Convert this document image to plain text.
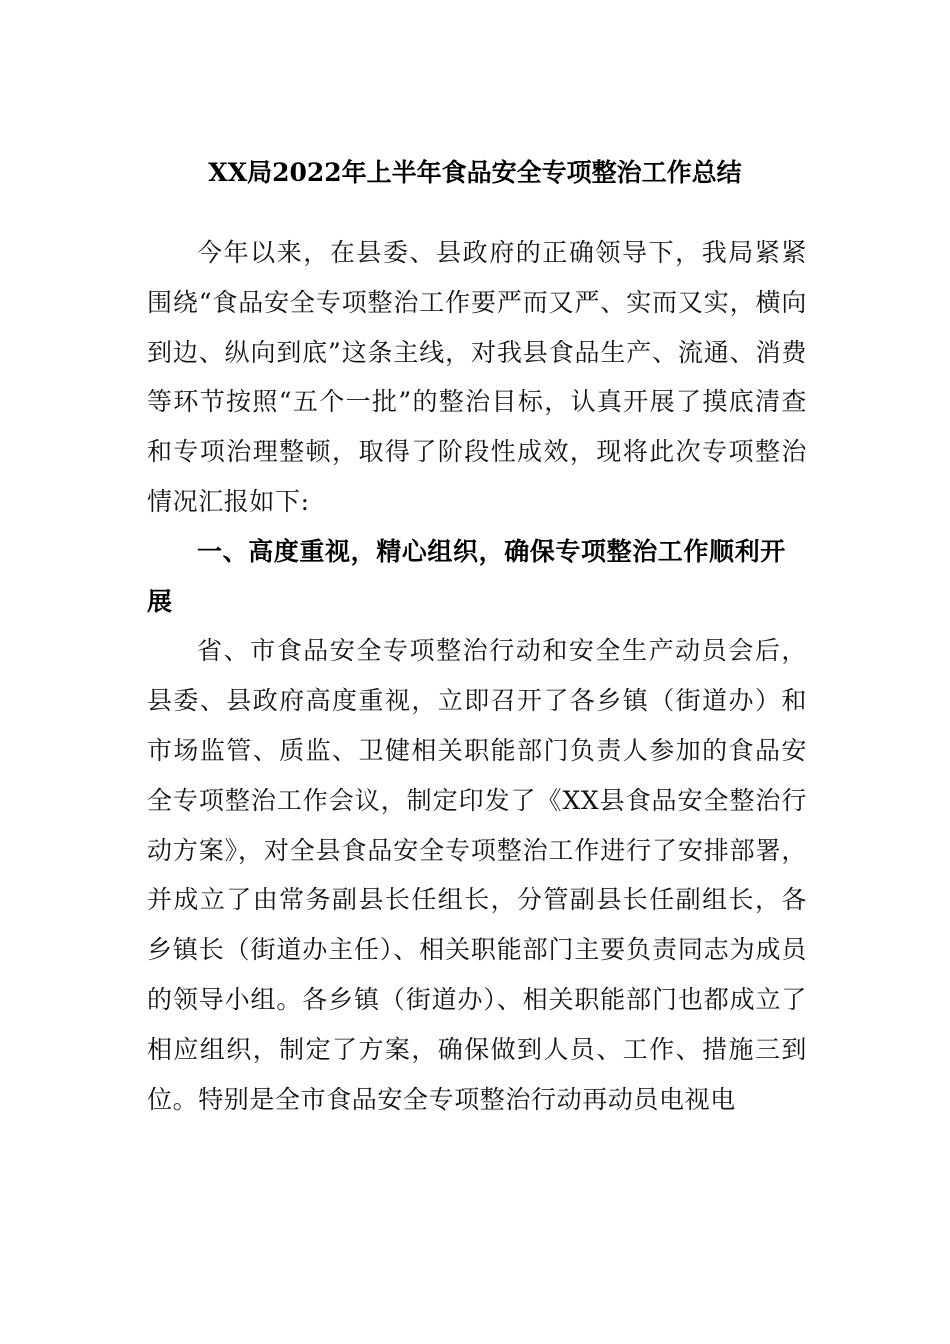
XX局2022年上半年食品安全专项整治工作总结

今年以来，在县委、县政府的正确领导下，我局紧紧围绕“食品安全专项整治工作要严而又严、实而又实，横向到边、纵向到底”这条主线，对我县食品生产、流通、消费等环节按照“五个一批”的整治目标，认真开展了摸底清查和专项治理整顿，取得了阶段性成效，现将此次专项整治情况汇报如下:

一、高度重视，精心组织，确保专项整治工作顺利开展

省、市食品安全专项整治行动和安全生产动员会后，县委、县政府高度重视，立即召开了各乡镇（街道办）和市场监管、质监、卫健相关职能部门负责人参加的食品安全专项整治工作会议，制定印发了《XX县食品安全整治行动方案》，对全县食品安全专项整治工作进行了安排部署，并成立了由常务副县长任组长，分管副县长任副组长，各乡镇长（街道办主任）、相关职能部门主要负责同志为成员的领导小组。各乡镇（街道办）、相关职能部门也都成立了相应组织，制定了方案，确保做到人员、工作、措施三到位。特别是全市食品安全专项整治行动再动员电视电
